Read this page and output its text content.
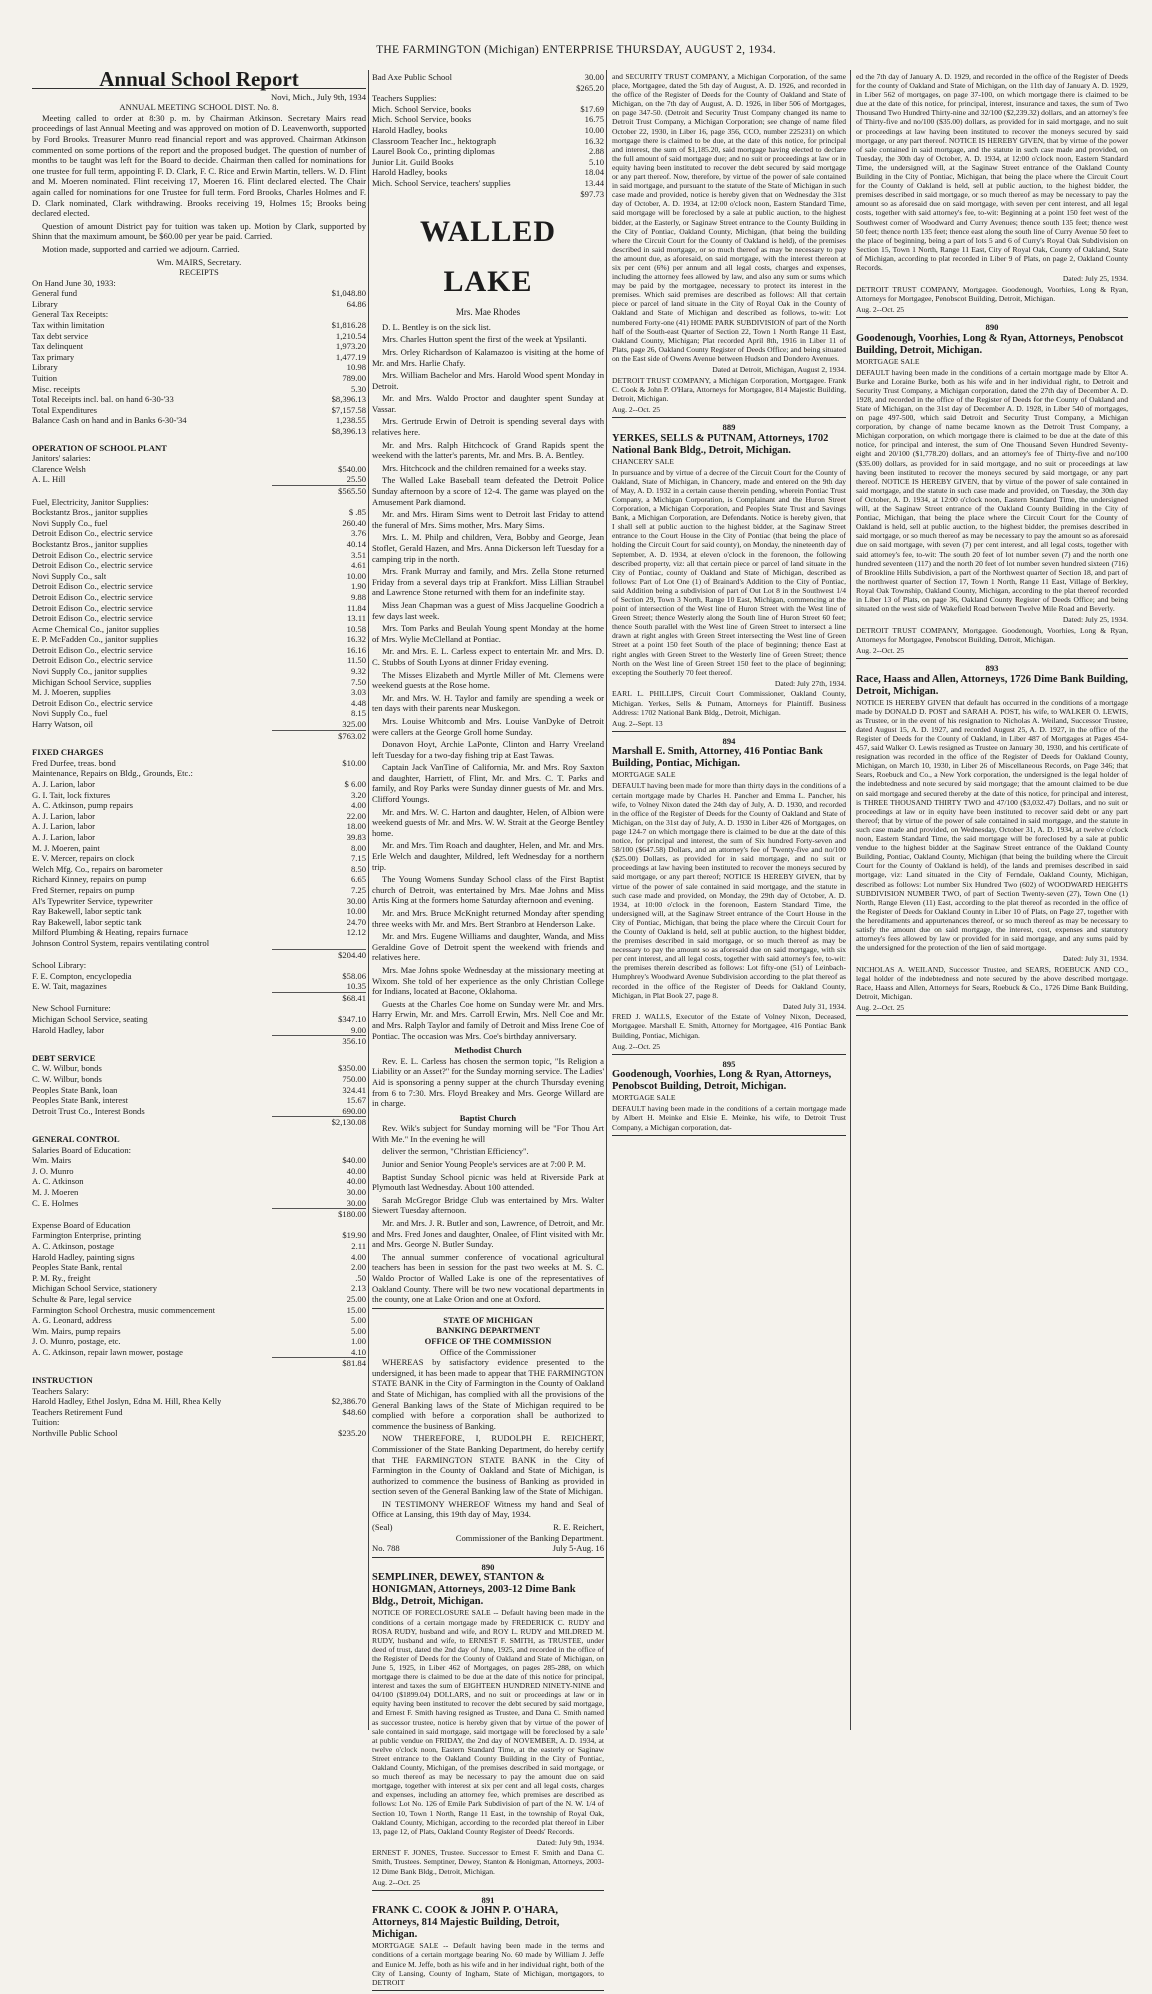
THE FARMINGTON (Michigan) ENTERPRISE THURSDAY, AUGUST 2, 1934.
Annual School Report
Novi, Mich., July 9th, 1934
ANNUAL MEETING SCHOOL DIST. No. 8.

Meeting called to order at 8:30 p. m. by Chairman Atkinson. Secretary Mairs read proceedings of last Annual Meeting and was approved on motion of D. Leavenworth, supported by Ford Brooks. Treasurer Munro read financial report and was approved. Chairman Atkinson commented on some portions of the report and the proposed budget. The question of number of months to be taught was left for the Board to decide. Chairman then called for nominations for one trustee for full term, appointing F. D. Clark, F. C. Rice and Erwin Martin, tellers. W. D. Flint and M. Moeren nominated. Flint receiving 17, Moeren 16. Flint declared elected. The Chair again called for nominations for one Trustee for full term. Ford Brooks, Charles Holmes and F. D. Clark nominated, Clark withdrawing. Brooks receiving 19, Holmes 15; Brooks being declared elected.

Question of amount District pay for tuition was taken up. Motion by Clark, supported by Shinn that the maximum amount, be $60.00 per year be paid. Carried.

Motion made, supported and carried we adjourn. Carried.

Wm. MAIRS, Secretary.
RECEIPTS
On Hand June 30, 1933:
General fund	$1,048.80
Library	64.86
General Tax Receipts:
Tax within limitation	$1,816.28
Tax debt service	1,210.54
Tax delinquent	1,973.20
Tax primary	1,477.19
Library	10.98
Tuition	789.00
Misc. receipts	5.30
Total Receipts incl. bal. on hand 6-30-'33	$8,396.13
Total Expenditures	$7,157.58
Balance Cash on hand and in Banks 6-30-'34	1,238.55
$8,396.13
OPERATION OF SCHOOL PLANT
Janitors' salaries:
Clarence Welsh	$540.00
A. L. Hill	25.50
$565.50
Fuel, Electricity, Janitor Supplies:
Bockstantz Bros., janitor supplies	$ .85
Novi Supply Co., fuel	260.40
Detroit Edison Co., electric service	3.76
Bockstantz Bros., janitor supplies	40.14
Detroit Edison Co., electric service	3.51
Detroit Edison Co., electric service	4.61
Novi Supply Co., salt	10.00
Detroit Edison Co., electric service	1.90
Detroit Edison Co., electric service	9.88
Detroit Edison Co., electric service	11.84
Detroit Edison Co., electric service	13.11
Acme Chemical Co., janitor supplies	10.58
E. P. McFadden Co., janitor supplies	16.32
Detroit Edison Co., electric service	16.16
Detroit Edison Co., electric service	11.50
Novi Supply Co., janitor supplies	9.32
Michigan School Service, supplies	7.50
M. J. Moeren, supplies	3.03
Detroit Edison Co., electric service	4.48
Novi Supply Co., fuel	8.15
Harry Watson, oil	325.00
$763.02
FIXED CHARGES
Fred Durfee, treas. bond	$10.00
Maintenance, Repairs on Bldg., Grounds, Etc.:
A. J. Larion, labor	$ 6.00
G. I. Tait, lock fixtures	3.20
A. C. Atkinson, pump repairs	4.00
A. J. Larion, labor	22.00
A. J. Larion, labor	18.00
A. J. Larion, labor	39.83
M. J. Moeren, paint	8.00
E. V. Mercer, repairs on clock	7.15
Welch Mfg. Co., repairs on barometer	8.50
Richard Kinney, repairs on pump	6.65
Fred Sterner, repairs on pump	7.25
Al's Typewriter Service, typewriter	30.00
Ray Bakewell, labor septic tank	10.00
Ray Bakewell, labor septic tank	24.70
Milford Plumbing & Heating, repairs furnace	12.12
Johnson Control System, repairs ventilating control
$204.40
School Library:
F. E. Compton, encyclopedia	$58.06
E. W. Tait, magazines	10.35
$68.41
New School Furniture:
Michigan School Service, seating	$347.10
Harold Hadley, labor	9.00
356.10
DEBT SERVICE
C. W. Wilbur, bonds	$350.00
C. W. Wilbur, bonds	750.00
Peoples State Bank, loan	324.41
Peoples State Bank, interest	15.67
Detroit Trust Co., Interest Bonds	690.00
$2,130.08
GENERAL CONTROL
Salaries Board of Education:
Wm. Mairs	$40.00
J. O. Munro	40.00
A. C. Atkinson	40.00
M. J. Moeren	30.00
C. E. Holmes	30.00
$180.00
Expense Board of Education
Farmington Enterprise, printing	$19.90
A. C. Atkinson, postage	2.11
Harold Hadley, painting signs	4.00
Peoples State Bank, rental	2.00
P. M. Ry., freight	.50
Michigan School Service, stationery	2.13
Schulte & Pare, legal service	25.00
Farmington School Orchestra, music commencement	15.00
A. G. Leonard, address	5.00
Wm. Mairs, pump repairs	5.00
J. O. Munro, postage, etc.	1.00
A. C. Atkinson, repair lawn mower, postage	4.10
$81.84
INSTRUCTION
Teachers Salary:
Harold Hadley, Ethel Joslyn, Edna M. Hill, Rhea Kelly	$2,386.70
Teachers Retirement Fund	$48.60
Tuition:
Northville Public School	$235.20
Bad Axe Public School	30.00
$265.20
Teachers Supplies:
Mich. School Service, books	$17.69
Mich. School Service, books	16.75
Harold Hadley, books	10.00
Classroom Teacher Inc., hektograph	16.32
Laurel Book Co., printing diplomas	2.88
Junior Lit. Guild Books	5.10
Harold Hadley, books	18.04
Mich. School Service, teachers' supplies	13.44
$97.73
WALLED LAKE
Mrs. Mae Rhodes

D. L. Bentley is on the sick list.

Mrs. Charles Hutton spent the first of the week at Ypsilanti.

Mrs. Orley Richardson of Kalamazoo is visiting at the home of Mr. and Mrs. Harlie Chafy.

Mrs. William Bachelor and Mrs. Harold Wood spent Monday in Detroit.

Mr. and Mrs. Waldo Proctor and daughter spent Sunday at Vassar.

Mrs. Gertrude Erwin of Detroit is spending several days with relatives here.

Mr. and Mrs. Ralph Hitchcock of Grand Rapids spent the weekend with the latter's parents, Mr. and Mrs. B. A. Bentley.

Mrs. Hitchcock and the children remained for a weeks stay.

The Walled Lake Baseball team defeated the Detroit Police Sunday afternoon by a score of 12-4. The game was played on the Amusement Park diamond.

Mr. and Mrs. Hiram Sims went to Detroit last Friday to attend the funeral of Mrs. Sims mother, Mrs. Mary Sims.

Mrs. L. M. Philp and children, Vera, Bobby and George, Jean Stoflet, Gerald Hazen, and Mrs. Anna Dickerson left Tuesday for a camping trip in the north.

Mrs. Frank Murray and family, and Mrs. Zella Stone returned Friday from a several days trip at Frankfort. Miss Lillian Straubel and Lawrence Stone returned with them for an indefinite stay.

Miss Jean Chapman was a guest of Miss Jacqueline Goodrich a few days last week.

Mrs. Tom Parks and Beulah Young spent Monday at the home of Mrs. Wylie McClelland at Pontiac.

Mr. and Mrs. E. L. Carless expect to entertain Mr. and Mrs. D. C. Stubbs of South Lyons at dinner Friday evening.

The Misses Elizabeth and Myrtle Miller of Mt. Clemens were weekend guests at the Rose home.

Mr. and Mrs. W. H. Taylor and family are spending a week or ten days with their parents near Muskegon.

Mrs. Louise Whitcomb and Mrs. Louise VanDyke of Detroit were callers at the George Groll home Sunday.

Donavon Hoyt, Archie LaPonte, Clinton and Harry Vreeland left Tuesday for a two-day fishing trip at East Tawas.

Captain Jack VanTine of California, Mr. and Mrs. Roy Saxton and daughter, Harriett, of Flint, Mr. and Mrs. C. T. Parks and family, and Roy Parks were Sunday dinner guests of Mr. and Mrs. Clifford Youngs.

Mr. and Mrs. W. C. Harton and daughter, Helen, of Albion were weekend guests of Mr. and Mrs. W. W. Strait at the George Bentley home.

Mr. and Mrs. Tim Roach and daughter, Helen, and Mr. and Mrs. Erle Welch and daughter, Mildred, left Wednesday for a northern trip.

The Young Womens Sunday School class of the First Baptist church of Detroit, was entertained by Mrs. Mae Johns and Miss Artis King at the formers home Saturday afternoon and evening.

Mr. and Mrs. Bruce McKnight returned Monday after spending three weeks with Mr. and Mrs. Bert Stranbro at Henderson Lake.

Mr. and Mrs. Eugene Williams and daughter, Wanda, and Miss Geraldine Gove of Detroit spent the weekend with friends and relatives here.

Mrs. Mae Johns spoke Wednesday at the missionary meeting at Wixom. She told of her experience as the only Christian College for Indians, located at Bacone, Oklahoma.

Guests at the Charles Coe home on Sunday were Mr. and Mrs. Harry Erwin, Mr. and Mrs. Carroll Erwin, Mrs. Nell Coe and Mr. and Mrs. Ralph Taylor and family of Detroit and Miss Irene Coe of Pontiac. The occasion was Mrs. Coe's birthday anniversary.

Methodist Church

Rev. E. L. Carless has chosen the sermon topic, "Is Religion a Liability or an Asset?" for the Sunday morning service. The Ladies' Aid is sponsoring a penny supper at the church Thursday evening from 6 to 7:30. Mrs. Floyd Breakey and Mrs. George Willard are in charge.

Baptist Church

Rev. Wik's subject for Sunday morning will be "For Thou Art With Me." In the evening he will

deliver the sermon, "Christian Efficiency".

Junior and Senior Young People's services are at 7:00 P. M.

Baptist Sunday School picnic was held at Riverside Park at Plymouth last Wednesday. About 100 attended.

Sarah McGregor Bridge Club was entertained by Mrs. Walter Siewert Tuesday afternoon.

Mr. and Mrs. J. R. Butler and son, Lawrence, of Detroit, and Mr. and Mrs. Fred Jones and daughter, Onalee, of Flint visited with Mr. and Mrs. George N. Butler Sunday.

The annual summer conference of vocational agricultural teachers has been in session for the past two weeks at M. S. C. Waldo Proctor of Walled Lake is one of the representatives of Oakland County. There will be two new vocational departments in the county, one at Lake Orion and one at Oxford.

STATE OF MICHIGAN
BANKING DEPARTMENT
OFFICE OF THE COMMISSION
Office of the Commissioner

WHEREAS by satisfactory evidence presented to the undersigned, it has been made to appear that THE FARMINGTON STATE BANK in the City of Farmington in the County of Oakland and State of Michigan, has complied with all the provisions of the General Banking laws of the State of Michigan required to be complied with before a corporation shall be authorized to commence the business of Banking.

NOW THEREFORE, I, RUDOLPH E. REICHERT, Commissioner of the State Banking Department, do hereby certify that THE FARMINGTON STATE BANK in the City of Farmington in the County of Oakland and State of Michigan, is authorized to commence the business of Banking as provided in section seven of the General Banking law of the State of Michigan.

IN TESTIMONY WHEREOF Witness my hand and Seal of Office at Lansing, this 19th day of May, 1934.

(Seal)	R. E. Reichert,
Commissioner of the Banking Department.
No. 788	July 5-Aug. 16
890
SEMPLINER, DEWEY, STANTON & HONIGMAN, Attorneys, 2003-12 Dime Bank Bldg., Detroit, Michigan.
NOTICE OF FORECLOSURE SALE -- Default having been made in the conditions of a certain mortgage made by FREDERICK C. RUDY and ROSA RUDY, husband and wife, and ROY L. RUDY and MILDRED M. RUDY, husband and wife, to ERNEST F. SMITH, as TRUSTEE, under deed of trust, dated the 2nd day of June, 1925, and recorded in the office of the Register of Deeds for the County of Oakland and State of Michigan, on June 5, 1925, in Liber 462 of Mortgages, on pages 285-288, on which mortgage there is claimed to be due at the date of this notice for principal, interest and taxes the sum of EIGHTEEN HUNDRED NINETY-NINE and 04/100 ($1899.04) DOLLARS, and no suit or proceedings at law or in equity having been instituted to recover the debt secured by said mortgage, and Ernest F. Smith having resigned as Trustee, and Dana C. Smith named as successor trustee, notice is hereby given that by virtue of the power of sale contained in said mortgage, said mortgage will be foreclosed by a sale at public vendue on FRIDAY, the 2nd day of NOVEMBER, A. D. 1934, at twelve o'clock noon, Eastern Standard Time, at the easterly or Saginaw Street entrance to the Oakland County Building in the City of Pontiac, Oakland County, Michigan, of the premises described in said mortgage, or so much thereof as may be necessary to pay the amount due on said mortgage, together with interest at six per cent and all legal costs, charges and expenses, including an attorney fee, which premises are described as follows: Lot No. 126 of Emile Park Subdivision of part of the N. W. 1/4 of Section 10, Town 1 North, Range 11 East, in the township of Royal Oak, Oakland County, Michigan, according to the recorded plat thereof in Liber 13, page 12, of Plats, Oakland County Register of Deeds' Records.
Dated: July 9th, 1934.
ERNEST F. JONES, Trustee. Successor to Ernest F. Smith and Dana C. Smith, Trustees. Semptiner, Dewey, Stanton & Honigman, Attorneys, 2003-12 Dime Bank Bldg., Detroit, Michigan.
Aug. 2--Oct. 25
891
FRANK C. COOK & JOHN P. O'HARA, Attorneys, 814 Majestic Building, Detroit, Michigan.
MORTGAGE SALE -- Default having been made in the terms and conditions of a certain mortgage bearing No. 60 made by William J. Jeffe and Eunice M. Jeffe, both as his wife and in her individual right, both of the City of Lansing, County of Ingham, State of Michigan, mortgagors, to DETROIT

ed the 7th day of January A. D. 1929, and recorded in the office of the Register of Deeds for the county of Oakland and State of Michigan, on the 11th day of January A. D. 1929, in Liber 562 of mortgages, on page 37-100, on which mortgage there is claimed to be due at the date of this notice, for principal, interest, insurance and taxes, the sum of Two Thousand Two Hundred Thirty-nine and 32/100 ($2,239.32) dollars, and an attorney's fee of Thirty-five and no/100 ($35.00) dollars, as provided for in said mortgage, and no suit or proceedings at law having been instituted to recover the moneys secured by said mortgage, or any part thereof. NOTICE IS HEREBY GIVEN, that by virtue of the power of sale contained in said mortgage, and the statute in such case made and provided, on Tuesday, the 30th day of October, A. D. 1934, at 12:00 o'clock noon, Eastern Standard Time, the undersigned will, at the Saginaw Street entrance of the Oakland County Building in the City of Pontiac, Michigan, that being the place where the Circuit Court for the County of Oakland is held, sell at public auction, to the highest bidder, the premises described in said mortgage, or so much thereof as may be necessary to pay the amount so as aforesaid due on said mortgage, with seven per cent interest, and all legal costs, together with said attorney's fee, to-wit: Beginning at a point 150 feet west of the Southwest corner of Woodward and Curry Avenues; thence south 135 feet; thence west 50 feet; thence north 135 feet; thence east along the south line of Curry Avenue 50 feet to the place of beginning, being a part of lots 5 and 6 of Curry's Royal Oak Subdivision on Section 15, Town 1 North, Range 11 East, City of Royal Oak, County of Oakland, State of Michigan, according to plat recorded in Liber 9 of Plats, on page 2, Oakland County Records.

Dated: July 25, 1934.
DETROIT TRUST COMPANY, Mortgagee. Goodenough, Voorhies, Long & Ryan, Attorneys for Mortgagee, Penobscot Building, Detroit, Michigan.
Aug. 2--Oct. 25
890
Goodenough, Voorhies, Long & Ryan, Attorneys, Penobscot Building, Detroit, Michigan.
MORTGAGE SALE
DEFAULT having been made in the conditions of a certain mortgage made by Eltor A. Burke and Loraine Burke, both as his wife and in her individual right, to Detroit and Security Trust Company, a Michigan corporation, dated the 27th day of December A. D. 1928, and recorded in the office of the Register of Deeds for the County of Oakland and State of Michigan, on the 31st day of December A. D. 1928, in Liber 540 of mortgages, on page 497-500, which said Detroit and Security Trust Company, a Michigan corporation, by change of name became known as the Detroit Trust Company, a Michigan corporation, on which mortgage there is claimed to be due at the date of this notice, for principal and interest, the sum of One Thousand Seven Hundred Seventy-eight and 20/100 ($1,778.20) dollars, and an attorney's fee of Thirty-five and no/100 ($35.00) dollars, as provided for in said mortgage, and no suit or proceedings at law having been instituted to recover the moneys secured by said mortgage, or any part thereof. NOTICE IS HEREBY GIVEN, that by virtue of the power of sale contained in said mortgage, and the statute in such case made and provided, on Tuesday, the 30th day of October, A. D. 1934, at 12:00 o'clock noon, Eastern Standard Time, the undersigned will, at the Saginaw Street entrance of the Oakland County Building in the City of Pontiac, Michigan, that being the place where the Circuit Court for the County of Oakland is held, sell at public auction, to the highest bidder, the premises described in said mortgage, or so much thereof as may be necessary to pay the amount so as aforesaid due on said mortgage, with seven (7) per cent interest, and all legal costs, together with said attorney's fee, to-wit: The south 20 feet of lot number seven (7) and the north one hundred seventeen (117) and the north 20 feet of lot number seven hundred sixteen (716) of Brookline Hills Subdivision, a part of the Northwest quarter of Section 18, and part of the northwest quarter of Section 17, Town 1 North, Range 11 East, Village of Berkley, Royal Oak Township, Oakland County, Michigan, according to the plat thereof recorded in Liber 13 of Plats, on page 36, Oakland County Register of Deeds Office; and being situated on the west side of Wakefield Road between Twelve Mile Road and Beverly.
Dated: July 25, 1934.
DETROIT TRUST COMPANY, Mortgagee. Goodenough, Voorhies, Long & Ryan, Attorneys for Mortgagee, Penobscot Building, Detroit, Michigan.
Aug. 2--Oct. 25
893
Race, Haass and Allen, Attorneys, 1726 Dime Bank Building, Detroit, Michigan.
NOTICE IS HEREBY GIVEN that default has occurred in the conditions of a mortgage made by DONALD D. POST and SARAH A. POST, his wife, to WALKER O. LEWIS, as Trustee, or in the event of his resignation to Nicholas A. Weiland, Successor Trustee, dated August 15, A. D. 1927, and recorded August 25, A. D. 1927, in the office of the Register of Deeds for the County of Oakland, in Liber 487 of Mortgages at Pages 454-457, said Walker O. Lewis resigned as Trustee on January 30, 1930, and his certificate of resignation was recorded in the office of the Register of Deeds for Oakland County, Michigan, on March 10, 1930, in Liber 26 of Miscellaneous Records, on Page 346; that Sears, Roebuck and Co., a New York corporation, the undersigned is the legal holder of the indebtedness and note secured by said mortgage; that the amount claimed to be due on said mortgage and secured thereby at the date of this notice, for principal and interest, is THREE THOUSAND THIRTY TWO and 47/100 ($3,032.47) Dollars, and no suit or proceedings at law or in equity have been instituted to recover said debt or any part thereof; that by virtue of the power of sale contained in said mortgage, and the statute in such case made and provided, on Wednesday, October 31, A. D. 1934, at twelve o'clock noon, Eastern Standard Time, the said mortgage will be foreclosed by a sale at public vendue to the highest bidder at the Saginaw Street entrance of the Oakland County Building, Pontiac, Oakland County, Michigan (that being the building where the Circuit Court for the County of Oakland is held), of the lands and premises described in said mortgage, viz: Land situated in the City of Ferndale, Oakland County, Michigan, described as follows: Lot number Six Hundred Two (602) of WOODWARD HEIGHTS SUBDIVISION NUMBER TWO, of part of Section Twenty-seven (27), Town One (1) North, Range Eleven (11) East, according to the plat thereof as recorded in the office of the Register of Deeds for Oakland County in Liber 10 of Plats, on Page 27, together with the hereditaments and appurtenances thereof, or so much thereof as may be necessary to satisfy the amount due on said mortgage, the interest, cost, expenses and statutory attorney's fees allowed by law or provided for in said mortgage, and any sums paid by the undersigned for the protection of the lien of said mortgage.
Dated: July 31, 1934.
NICHOLAS A. WEILAND, Successor Trustee, and SEARS, ROEBUCK AND CO., legal holder of the indebtedness and note secured by the above described mortgage. Race, Haass and Allen, Attorneys for Sears, Roebuck & Co., 1726 Dime Bank Building, Detroit, Michigan.
Aug. 2--Oct. 25
and SECURITY TRUST COMPANY, a Michigan Corporation, of the same place, Mortgagee, dated the 5th day of August, A. D. 1926, and recorded in the office of the Register of Deeds for the County of Oakland and State of Michigan, on the 7th day of August, A. D. 1926, in liber 506 of Mortgages, on page 347-50. (Detroit and Security Trust Company changed its name to Detroit Trust Company, a Michigan Corporation; see change of name filed October 22, 1930, in Liber 16, page 356, CCO, number 225231) on which mortgage there is claimed to be due, at the date of this notice, for principal and interest, the sum of $1,185.20, said mortgage having elected to declare the full amount of said mortgage due; and no suit or proceedings at law or in equity having been instituted to recover the debt secured by said mortgage or any part thereof. Now, therefore, by virtue of the power of sale contained in said mortgage, and pursuant to the statute of the State of Michigan in such case made and provided, notice is hereby given that on Wednesday the 31st day of October, A. D. 1934, at 12:00 o'clock noon, Eastern Standard Time, said mortgage will be foreclosed by a sale at public auction, to the highest bidder, at the Easterly, or Saginaw Street entrance to the County Building in the City of Pontiac, Oakland County, Michigan, (that being the building where the Circuit Court for the County of Oakland is held), of the premises described in said mortgage, or so much thereof as may be necessary to pay the amount due, as aforesaid, on said mortgage, with the interest thereon at six per cent (6%) per annum and all legal costs, charges and expenses, including the attorney fees allowed by law, and also any sum or sums which may be paid by the mortgagee, necessary to protect its interest in the premises. Which said premises are described as follows: All that certain piece or parcel of land situate in the City of Royal Oak in the County of Oakland and State of Michigan and described as follows, to-wit: Lot numbered Forty-one (41) HOME PARK SUBDIVISION of part of the North half of the South-east Quarter of Section 22, Town 1 North Range 11 East, Oakland County, Michigan; Plat recorded April 8th, 1916 in Liber 11 of Plats, page 26, Oakland County Register of Deeds Office; and being situated on the East side of Owens Avenue between Hudson and Dondero Avenues.
Dated at Detroit, Michigan, August 2, 1934.
DETROIT TRUST COMPANY, a Michigan Corporation, Mortgagee. Frank C. Cook & John P. O'Hara, Attorneys for Mortgagee, 814 Majestic Building, Detroit, Michigan.
Aug. 2--Oct. 25
889
YERKES, SELLS & PUTNAM, Attorneys, 1702 National Bank Bldg., Detroit, Michigan.
CHANCERY SALE
In pursuance and by virtue of a decree of the Circuit Court for the County of Oakland, State of Michigan, in Chancery, made and entered on the 9th day of May, A. D. 1932 in a certain cause therein pending, wherein Pontiac Trust Company, a Michigan Corporation, is Complainant and the Huron Street Corporation, a Michigan Corporation, and Peoples State Trust and Savings Bank, a Michigan Corporation, are Defendants. Notice is hereby given, that I shall sell at public auction to the highest bidder, at the Saginaw Street entrance to the Court House in the City of Pontiac (that being the place of holding the Circuit Court for said county), on Monday, the nineteenth day of September, A. D. 1934, at eleven o'clock in the forenoon, the following described property, viz: all that certain piece or parcel of land situate in the City of Pontiac, county of Oakland and State of Michigan, described as follows: Part of Lot One (1) of Brainard's Addition to the City of Pontiac, said Addition being a subdivision of part of Out Lot 8 in the Southwest 1/4 of Section 29, Town 3 North, Range 10 East, Michigan, commencing at the point of intersection of the West line of Huron Street with the West line of Green Street; thence Westerly along the South line of Huron Street 60 feet; thence South parallel with the West line of Green Street to intersect a line drawn at right angles with Green Street intersecting the West line of Green Street at a point 150 feet South of the place of beginning; thence East at right angles with Green Street to the Westerly line of Green Street; thence North on the West line of Green Street 150 feet to the place of beginning; excepting the Southerly 70 feet thereof.
Dated: July 27th, 1934.
EARL L. PHILLIPS, Circuit Court Commissioner, Oakland County, Michigan. Yerkes, Sells & Putnam, Attorneys for Plaintiff. Business Address: 1702 National Bank Bldg., Detroit, Michigan.
Aug. 2--Sept. 13
894
Marshall E. Smith, Attorney, 416 Pontiac Bank Building, Pontiac, Michigan.
MORTGAGE SALE
DEFAULT having been made for more than thirty days in the conditions of a certain mortgage made by Charles H. Pancher and Emma L. Pancher, his wife, to Volney Nixon dated the 24th day of July, A. D. 1930, and recorded in the office of the Register of Deeds for the County of Oakland and State of Michigan, on the 31st day of July, A. D. 1930 in Liber 426 of Mortgages, on page 124-7 on which mortgage there is claimed to be due at the date of this notice, for principal and interest, the sum of Six hundred Forty-seven and 58/100 ($647.58) Dollars, and an attorney's fee of Twenty-five and no/100 ($25.00) Dollars, as provided for in said mortgage, and no suit or proceedings at law having been instituted to recover the moneys secured by said mortgage, or any part thereof; NOTICE IS HEREBY GIVEN, that by virtue of the power of sale contained in said mortgage, and the statute in such case made and provided, on Monday, the 29th day of October, A. D. 1934, at 10:00 o'clock in the forenoon, Eastern Standard Time, the undersigned will, at the Saginaw Street entrance of the Court House in the City of Pontiac, Michigan, that being the place where the Circuit Court for the County of Oakland is held, sell at public auction, to the highest bidder, the premises described in said mortgage, or so much thereof as may be necessary to pay the amount so as aforesaid due on said mortgage, with six per cent interest, and all legal costs, together with said attorney's fee, to-wit: the premises therein described as follows: Lot fifty-one (51) of Leinbach-Humphrey's Woodward Avenue Subdivision according to the plat thereof as recorded in the office of the Register of Deeds for Oakland County, Michigan, in Plat Book 27, page 8.
Dated July 31, 1934.
FRED J. WALLS, Executor of the Estate of Volney Nixon, Deceased, Mortgagee. Marshall E. Smith, Attorney for Mortgagee, 416 Pontiac Bank Building, Pontiac, Michigan.
Aug. 2--Oct. 25
895
Goodenough, Voorhies, Long & Ryan, Attorneys, Penobscot Building, Detroit, Michigan.
MORTGAGE SALE
DEFAULT having been made in the conditions of a certain mortgage made by Albert H. Meinke and Elsie E. Meinke, his wife, to Detroit Trust Company, a Michigan corporation, dat-
